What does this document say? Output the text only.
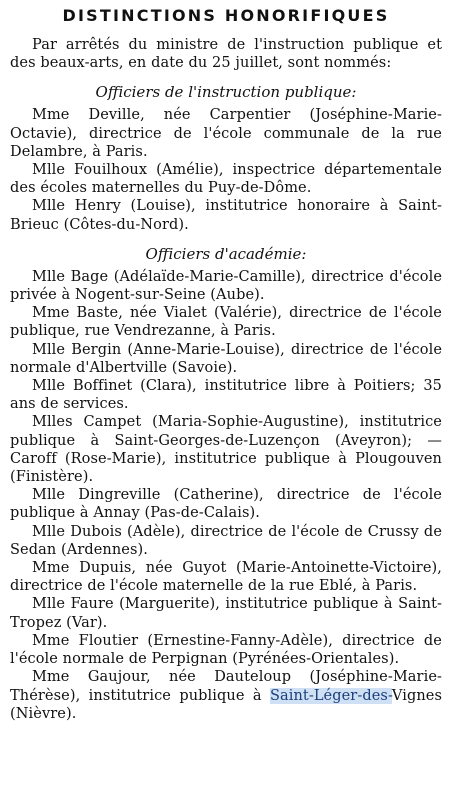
DISTINCTIONS HONORIFIQUES

Par arrêtés du ministre de l'instruction publique et des beaux-arts, en date du 25 juillet, sont nommés:

Officiers de l'instruction publique:

Mme Deville, née Carpentier (Joséphine-Marie-Octavie), directrice de l'école communale de la rue Delambre, à Paris.

Mlle Fouilhoux (Amélie), inspectrice départementale des écoles maternelles du Puy-de-Dôme.

Mlle Henry (Louise), institutrice honoraire à Saint-Brieuc (Côtes-du-Nord).

Officiers d'académie:

Mlle Bage (Adélaïde-Marie-Camille), directrice d'école privée à Nogent-sur-Seine (Aube).

Mme Baste, née Vialet (Valérie), directrice de l'école publique, rue Vendrezanne, à Paris.

Mlle Bergin (Anne-Marie-Louise), directrice de l'école normale d'Albertville (Savoie).

Mlle Boffinet (Clara), institutrice libre à Poitiers; 35 ans de services.

Mlles Campet (Maria-Sophie-Augustine), institutrice publique à Saint-Georges-de-Luzençon (Aveyron); — Caroff (Rose-Marie), institutrice publique à Plougouven (Finistère).

Mlle Dingreville (Catherine), directrice de l'école publique à Annay (Pas-de-Calais).

Mlle Dubois (Adèle), directrice de l'école de Crussy de Sedan (Ardennes).

Mme Dupuis, née Guyot (Marie-Antoinette-Victoire), directrice de l'école maternelle de la rue Eblé, à Paris.

Mlle Faure (Marguerite), institutrice publique à Saint-Tropez (Var).

Mme Floutier (Ernestine-Fanny-Adèle), directrice de l'école normale de Perpignan (Pyrénées-Orientales).

Mme Gaujour, née Dauteloup (Joséphine-Marie-Thérèse), institutrice publique à Saint-Léger-des-Vignes (Nièvre).
